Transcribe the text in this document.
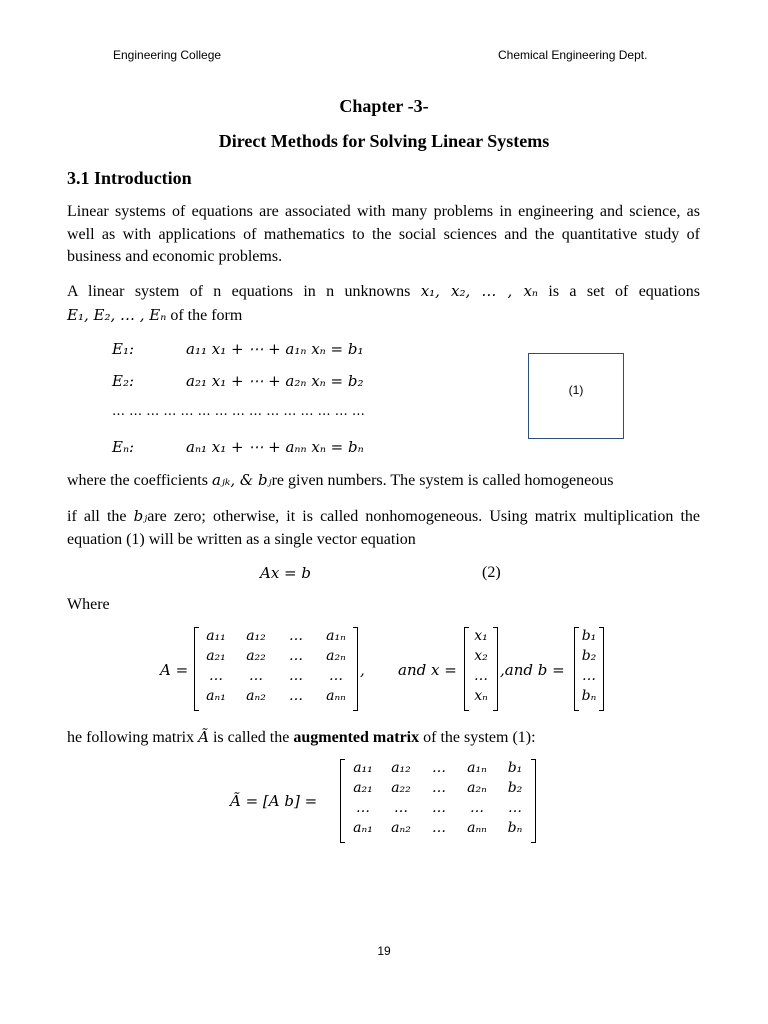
Engineering College	Chemical Engineering Dept.
Chapter -3-
Direct Methods for Solving Linear Systems
3.1 Introduction
Linear systems of equations are associated with many problems in engineering and science, as well as with applications of mathematics to the social sciences and the quantitative study of business and economic problems.
A linear system of n equations in n unknowns x₁, x₂, … , xₙ is a set of equations
E₁, E₂, … , Eₙ of the form
E₁:	a₁₁ x₁ + ⋯ + a₁ₙ xₙ = b₁
E₂:	a₂₁ x₁ + ⋯ + a₂ₙ xₙ = b₂
… … … … … … … … … … … … … … …
Eₙ:	aₙ₁ x₁ + ⋯ + aₙₙ xₙ = bₙ
(1)
where the coefficients aⱼₖ, & bⱼre given numbers. The system is called homogeneous
if all the bⱼare zero; otherwise, it is called nonhomogeneous. Using matrix multiplication the equation (1) will be written as a single vector equation
Ax = b	(2)
Where
A =
a₁₁	a₁₂	…	a₁ₙ
a₂₁	a₂₂	…	a₂ₙ
…	…	…	…
aₙ₁	aₙ₂	…	aₙₙ
, and x =
x₁
x₂
…
xₙ
,and b =
b₁
b₂
…
bₙ
he following matrix Ã is called the augmented matrix of the system (1):
Ã = [A b] =
a₁₁	a₁₂	…	a₁ₙ	b₁
a₂₁	a₂₂	…	a₂ₙ	b₂
…	…	…	…	…
aₙ₁	aₙ₂	…	aₙₙ	bₙ
19
